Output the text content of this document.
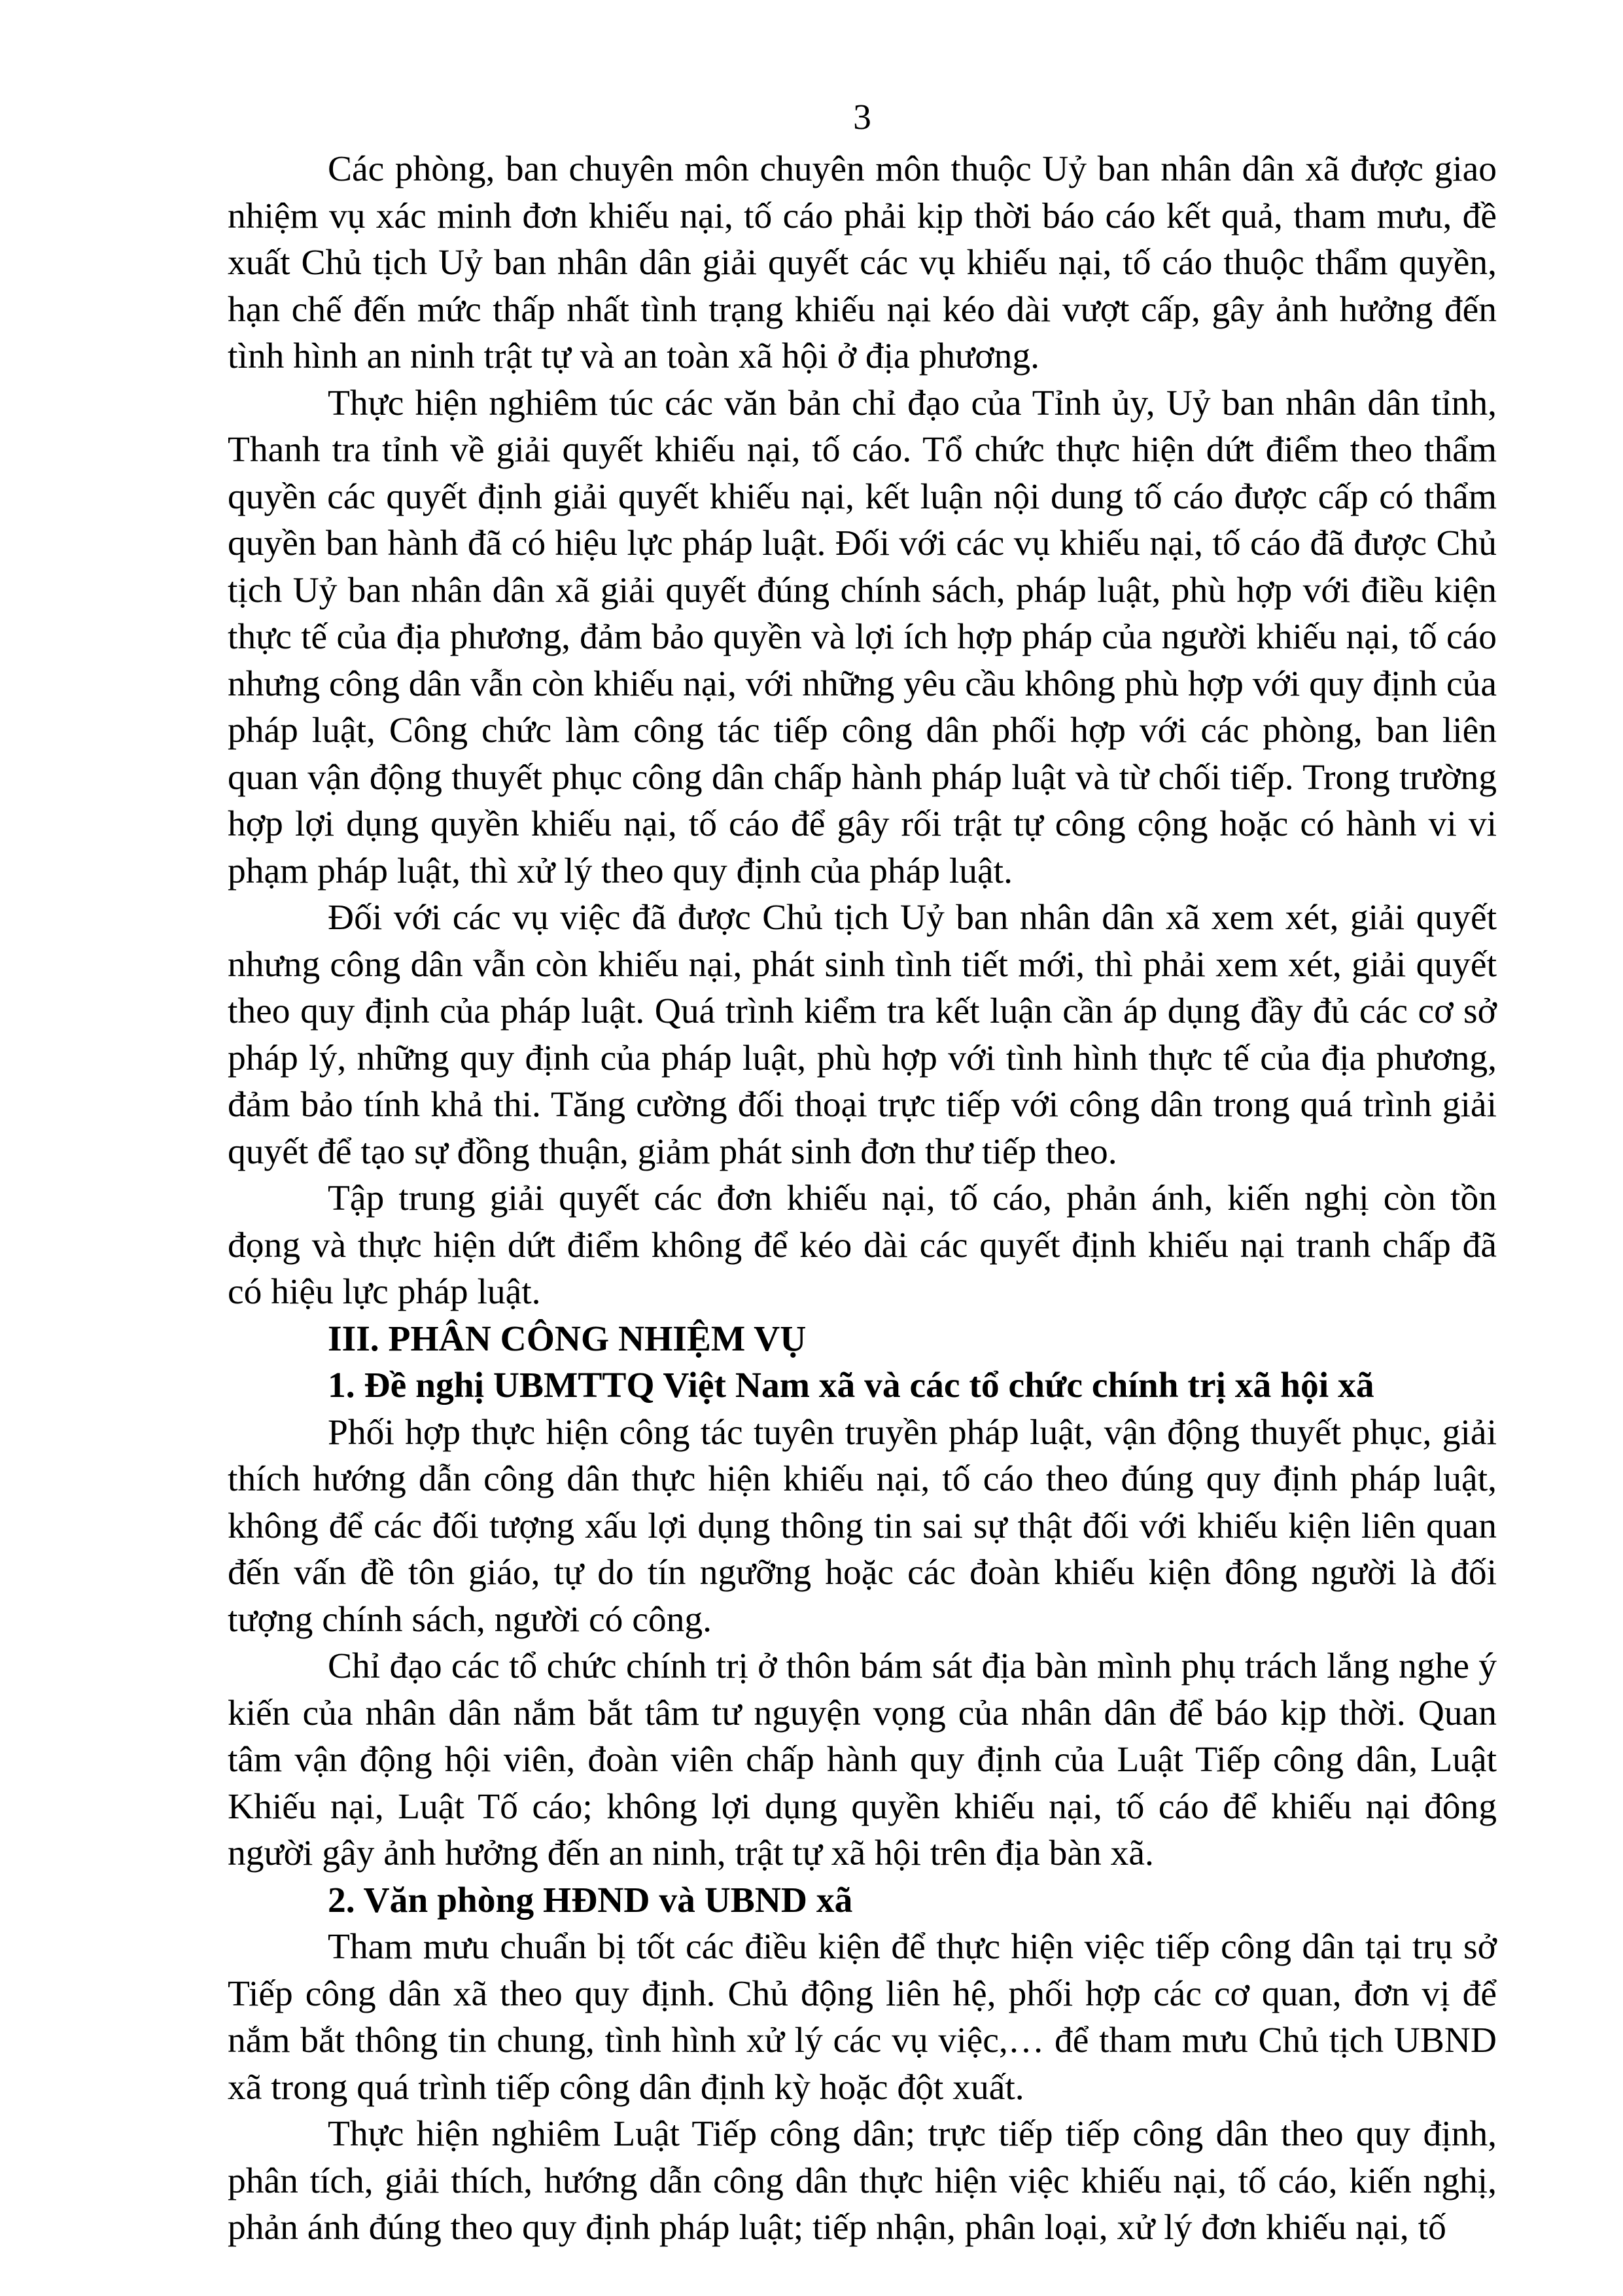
3

Các phòng, ban chuyên môn chuyên môn thuộc Uỷ ban nhân dân xã được giao nhiệm vụ xác minh đơn khiếu nại, tố cáo phải kịp thời báo cáo kết quả, tham mưu, đề xuất Chủ tịch Uỷ ban nhân dân giải quyết các vụ khiếu nại, tố cáo thuộc thẩm quyền, hạn chế đến mức thấp nhất tình trạng khiếu nại kéo dài vượt cấp, gây ảnh hưởng đến tình hình an ninh trật tự và an toàn xã hội ở địa phương.

Thực hiện nghiêm túc các văn bản chỉ đạo của Tỉnh ủy, Uỷ ban nhân dân tỉnh, Thanh tra tỉnh về giải quyết khiếu nại, tố cáo. Tổ chức thực hiện dứt điểm theo thẩm quyền các quyết định giải quyết khiếu nại, kết luận nội dung tố cáo được cấp có thẩm quyền ban hành đã có hiệu lực pháp luật. Đối với các vụ khiếu nại, tố cáo đã được Chủ tịch Uỷ ban nhân dân xã giải quyết đúng chính sách, pháp luật, phù hợp với điều kiện thực tế của địa phương, đảm bảo quyền và lợi ích hợp pháp của người khiếu nại, tố cáo nhưng công dân vẫn còn khiếu nại, với những yêu cầu không phù hợp với quy định của pháp luật, Công chức làm công tác tiếp công dân phối hợp với các phòng, ban liên quan vận động thuyết phục công dân chấp hành pháp luật và từ chối tiếp. Trong trường hợp lợi dụng quyền khiếu nại, tố cáo để gây rối trật tự công cộng hoặc có hành vi vi phạm pháp luật, thì xử lý theo quy định của pháp luật.

Đối với các vụ việc đã được Chủ tịch Uỷ ban nhân dân xã xem xét, giải quyết nhưng công dân vẫn còn khiếu nại, phát sinh tình tiết mới, thì phải xem xét, giải quyết theo quy định của pháp luật. Quá trình kiểm tra kết luận cần áp dụng đầy đủ các cơ sở pháp lý, những quy định của pháp luật, phù hợp với tình hình thực tế của địa phương, đảm bảo tính khả thi. Tăng cường đối thoại trực tiếp với công dân trong quá trình giải quyết để tạo sự đồng thuận, giảm phát sinh đơn thư tiếp theo.

Tập trung giải quyết các đơn khiếu nại, tố cáo, phản ánh, kiến nghị còn tồn đọng và thực hiện dứt điểm không để kéo dài các quyết định khiếu nại tranh chấp đã có hiệu lực pháp luật.

III. PHÂN CÔNG NHIỆM VỤ

1. Đề nghị UBMTTQ Việt Nam xã và các tổ chức chính trị xã hội xã

Phối hợp thực hiện công tác tuyên truyền pháp luật, vận động thuyết phục, giải thích hướng dẫn công dân thực hiện khiếu nại, tố cáo theo đúng quy định pháp luật, không để các đối tượng xấu lợi dụng thông tin sai sự thật đối với khiếu kiện liên quan đến vấn đề tôn giáo, tự do tín ngưỡng hoặc các đoàn khiếu kiện đông người là đối tượng chính sách, người có công.

Chỉ đạo các tổ chức chính trị ở thôn bám sát địa bàn mình phụ trách lắng nghe ý kiến của nhân dân nắm bắt tâm tư nguyện vọng của nhân dân để báo kịp thời. Quan tâm vận động hội viên, đoàn viên chấp hành quy định của Luật Tiếp công dân, Luật Khiếu nại, Luật Tố cáo; không lợi dụng quyền khiếu nại, tố cáo để khiếu nại đông người gây ảnh hưởng đến an ninh, trật tự xã hội trên địa bàn xã.

2. Văn phòng HĐND và UBND xã

Tham mưu chuẩn bị tốt các điều kiện để thực hiện việc tiếp công dân tại trụ sở Tiếp công dân xã theo quy định. Chủ động liên hệ, phối hợp các cơ quan, đơn vị để nắm bắt thông tin chung, tình hình xử lý các vụ việc,… để tham mưu Chủ tịch UBND xã trong quá trình tiếp công dân định kỳ hoặc đột xuất.

Thực hiện nghiêm Luật Tiếp công dân; trực tiếp tiếp công dân theo quy định, phân tích, giải thích, hướng dẫn công dân thực hiện việc khiếu nại, tố cáo, kiến nghị, phản ánh đúng theo quy định pháp luật; tiếp nhận, phân loại, xử lý đơn khiếu nại, tố
